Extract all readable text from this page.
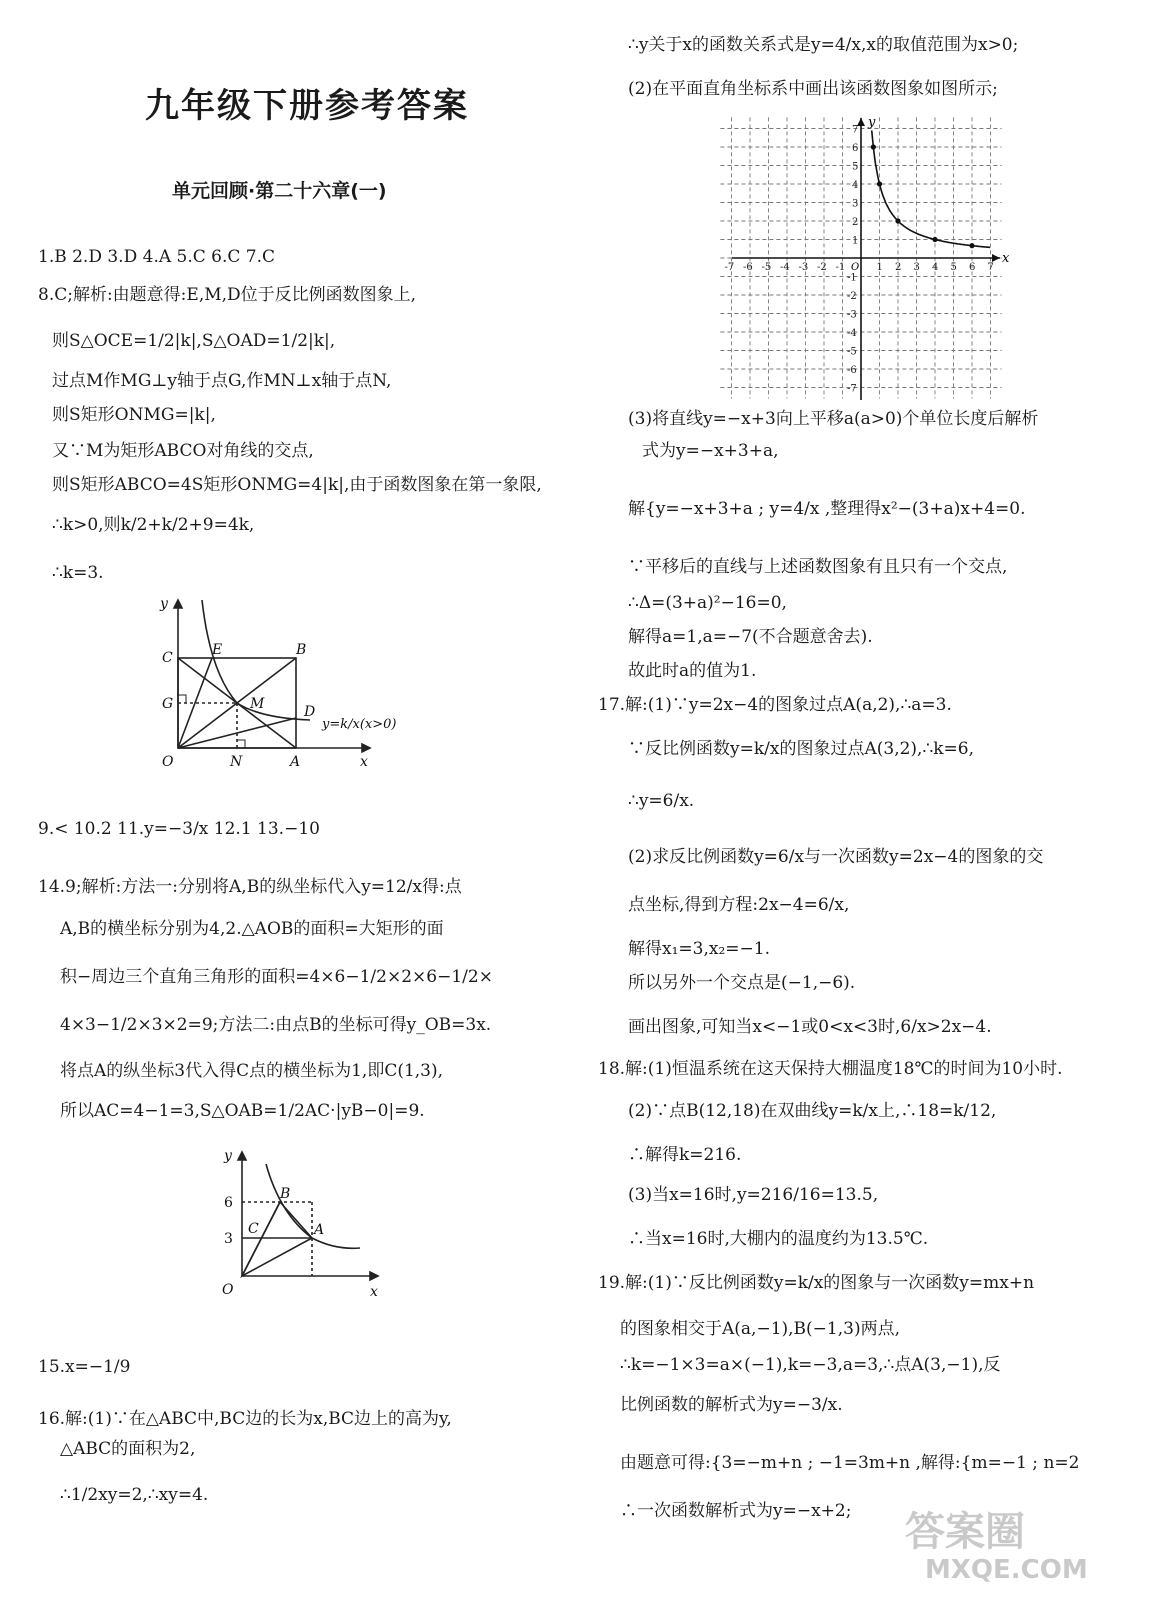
九年级下册参考答案
单元回顾·第二十六章(一)
1.B 2.D 3.D 4.A 5.C 6.C 7.C
8.C;解析:由题意得:E,M,D位于反比例函数图象上,
则S△OCE=1/2|k|,S△OAD=1/2|k|,
过点M作MG⊥y轴于点G,作MN⊥x轴于点N,
则S矩形ONMG=|k|,
又∵M为矩形ABCO对角线的交点,
则S矩形ABCO=4S矩形ONMG=4|k|,由于函数图象在第一象限,
∴k>0,则k/2+k/2+9=4k,
∴k=3.
y
C	E	B
G	M	D
O	N	A	x
y=k/x(x>0)
9.< 10.2 11.y=−3/x 12.1 13.−10
14.9;解析:方法一:分别将A,B的纵坐标代入y=12/x得:点
A,B的横坐标分别为4,2.△AOB的面积=大矩形的面
积−周边三个直角三角形的面积=4×6−1/2×2×6−1/2×
4×3−1/2×3×2=9;方法二:由点B的坐标可得y_OB=3x.
将点A的纵坐标3代入得C点的横坐标为1,即C(1,3),
所以AC=4−1=3,S△OAB=1/2AC·|yB−0|=9.
y
6
3
B
C	A
O	x
15.x=−1/9
16.解:(1)∵在△ABC中,BC边的长为x,BC边上的高为y,
△ABC的面积为2,
∴1/2xy=2,∴xy=4.
∴y关于x的函数关系式是y=4/x,x的取值范围为x>0;
(2)在平面直角坐标系中画出该函数图象如图所示;
-7 -6 -5 -4 -3 -2 -1	1 2 3 4 5 6 7
7
6
5
4
3
2
1
-1
-2
-3
-4
-5
-6
-7
x
y
O
(3)将直线y=−x+3向上平移a(a>0)个单位长度后解析
式为y=−x+3+a,
解{y=−x+3+a ; y=4/x ,整理得x²−(3+a)x+4=0.
∵平移后的直线与上述函数图象有且只有一个交点,
∴Δ=(3+a)²−16=0,
解得a=1,a=−7(不合题意舍去).
故此时a的值为1.
17.解:(1)∵y=2x−4的图象过点A(a,2),∴a=3.
∵反比例函数y=k/x的图象过点A(3,2),∴k=6,
∴y=6/x.
(2)求反比例函数y=6/x与一次函数y=2x−4的图象的交
点坐标,得到方程:2x−4=6/x,
解得x₁=3,x₂=−1.
所以另外一个交点是(−1,−6).
画出图象,可知当x<−1或0<x<3时,6/x>2x−4.
18.解:(1)恒温系统在这天保持大棚温度18℃的时间为10小时.
(2)∵点B(12,18)在双曲线y=k/x上,∴18=k/12,
∴解得k=216.
(3)当x=16时,y=216/16=13.5,
∴当x=16时,大棚内的温度约为13.5℃.
19.解:(1)∵反比例函数y=k/x的图象与一次函数y=mx+n
的图象相交于A(a,−1),B(−1,3)两点,
∴k=−1×3=a×(−1),k=−3,a=3,∴点A(3,−1),反
比例函数的解析式为y=−3/x.
由题意可得:{3=−m+n ; −1=3m+n ,解得:{m=−1 ; n=2
∴一次函数解析式为y=−x+2; 答案圈
MXQE.COM
